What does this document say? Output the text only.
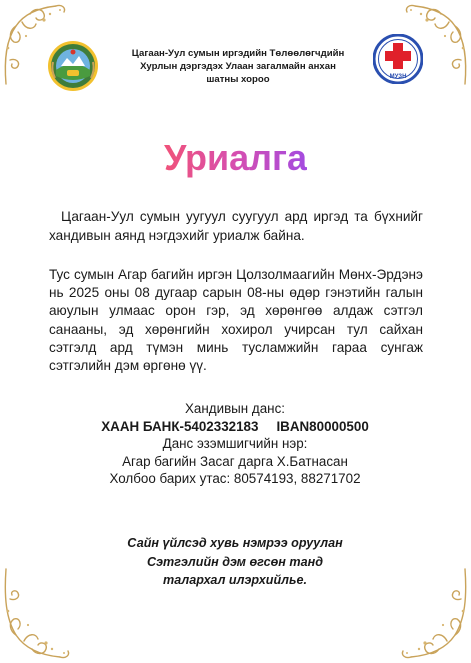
МУЗН
Цагаан-Уул сумын иргэдийн Төлөөлөгчдийн
Хурлын дэргэдэх Улаан загалмайн анхан
шатны хороо
Уриалга
Цагаан-Уул сумын уугуул суугуул ард иргэд та бүхнийг хандивын аянд нэгдэхийг уриалж байна.
Тус сумын Агар багийн иргэн Цолзолмаагийн Мөнх-Эрдэнэ нь 2025 оны 08 дугаар сарын 08-ны өдөр гэнэтийн галын аюулын улмаас орон гэр, эд хөрөнгөө алдаж сэтгэл санааны, эд хөрөнгийн хохирол учирсан тул сайхан сэтгэлд ард түмэн минь тусламжийн гараа сунгаж сэтгэлийн дэм өргөнө үү.
Хандивын данс:
ХААН БАНК-5402332183 IBAN80000500
Данс эзэмшигчийн нэр:
Агар багийн Засаг дарга Х.Батнасан
Холбоо барих утас: 80574193, 88271702
Сайн үйлсэд хувь нэмрээ оруулан
Сэтгэлийн дэм өгсөн танд
талархал илэрхийлье.
